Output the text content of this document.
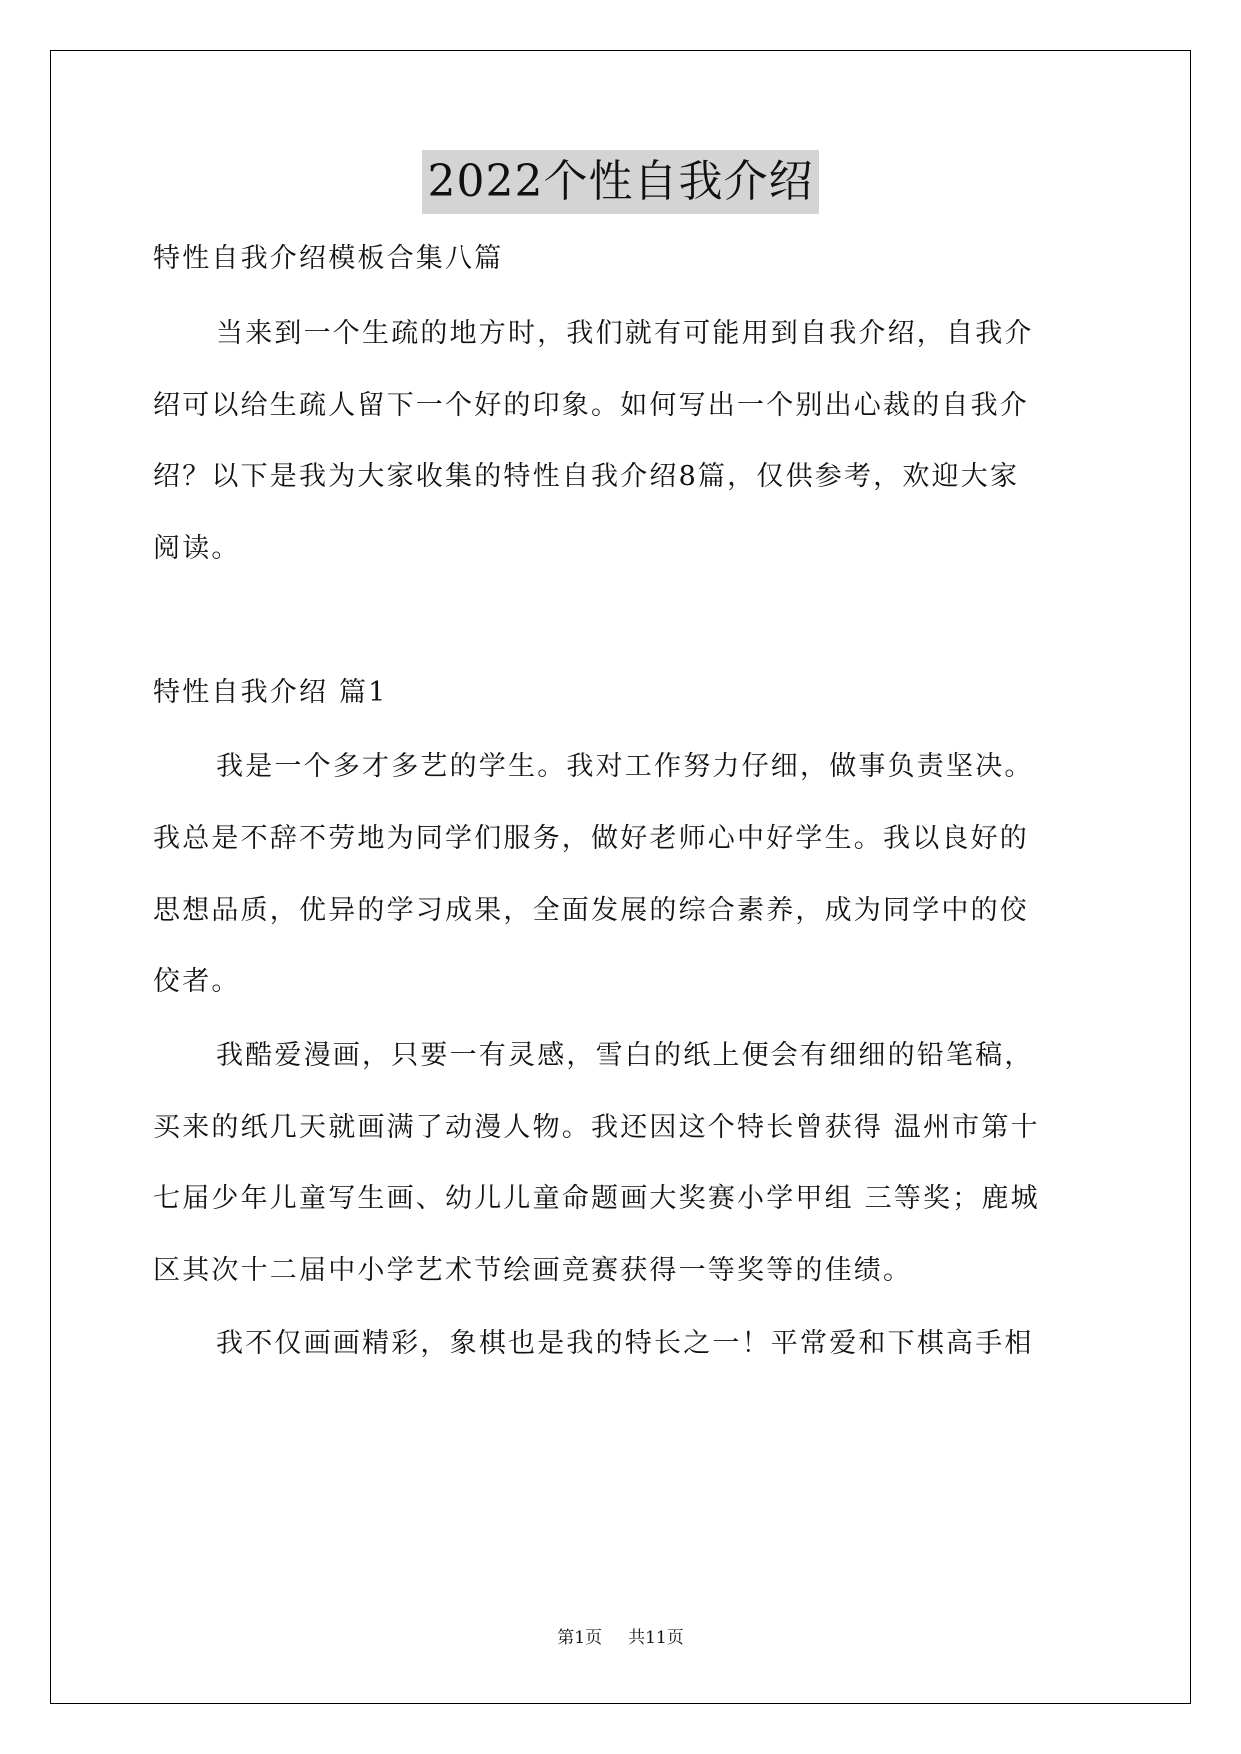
2022个性自我介绍
特性自我介绍模板合集八篇
当来到一个生疏的地方时，我们就有可能用到自我介绍，自我介
绍可以给生疏人留下一个好的印象。如何写出一个别出心裁的自我介
绍？以下是我为大家收集的特性自我介绍8篇，仅供参考，欢迎大家
阅读。
特性自我介绍 篇1
我是一个多才多艺的学生。我对工作努力仔细，做事负责坚决。
我总是不辞不劳地为同学们服务，做好老师心中好学生。我以良好的
思想品质，优异的学习成果，全面发展的综合素养，成为同学中的佼
佼者。
我酷爱漫画，只要一有灵感，雪白的纸上便会有细细的铅笔稿，
买来的纸几天就画满了动漫人物。我还因这个特长曾获得 温州市第十
七届少年儿童写生画、幼儿儿童命题画大奖赛小学甲组 三等奖；鹿城
区其次十二届中小学艺术节绘画竞赛获得一等奖等的佳绩。
我不仅画画精彩，象棋也是我的特长之一！平常爱和下棋高手相
第1页 共11页
